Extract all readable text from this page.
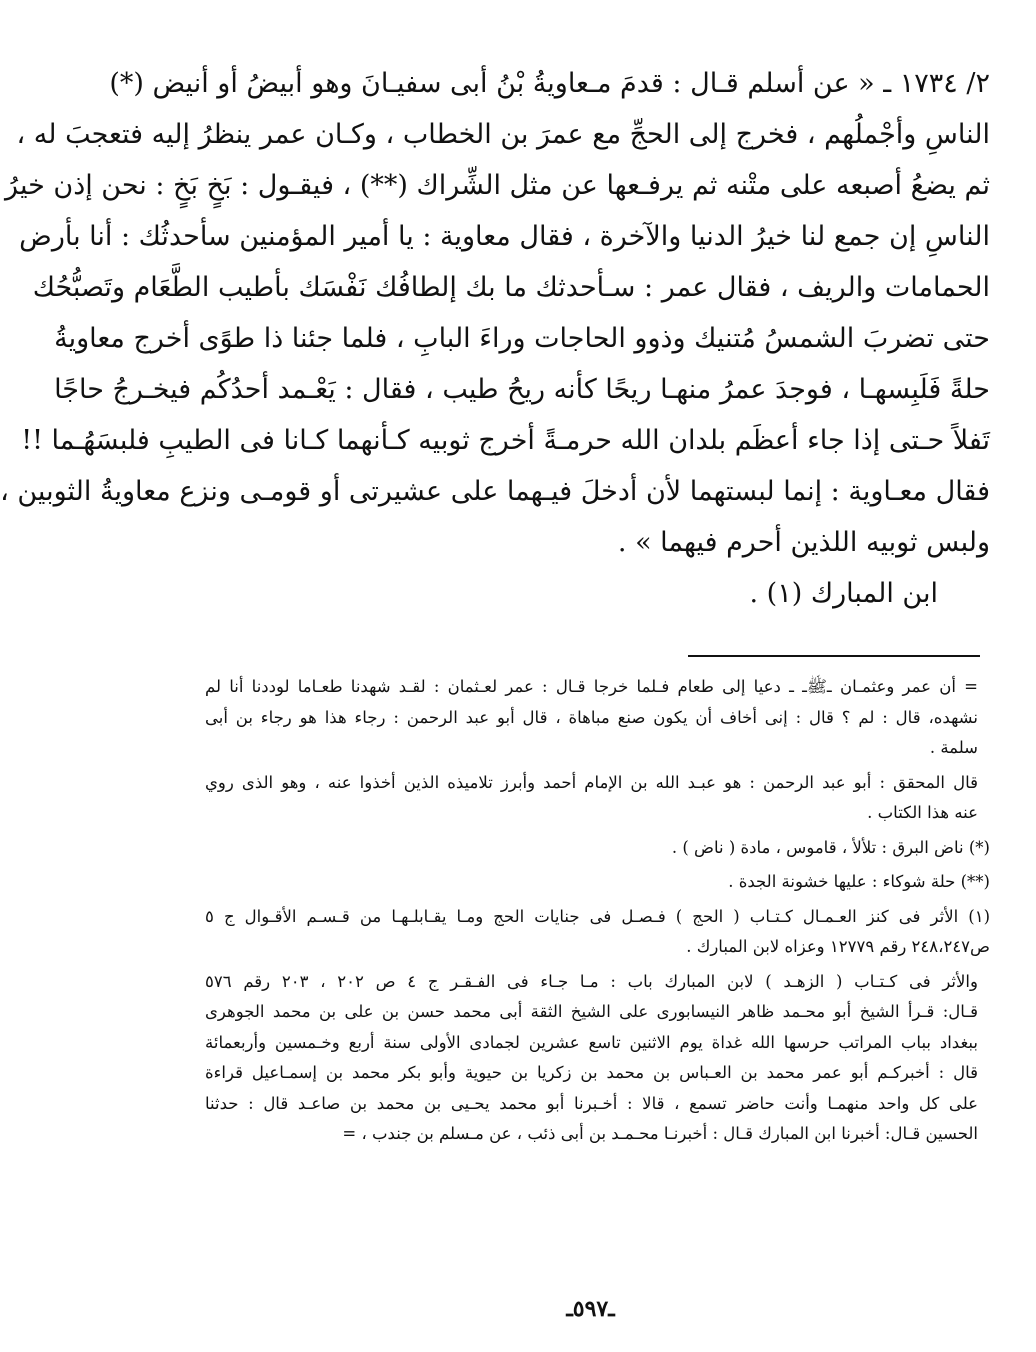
٢/ ١٧٣٤ ـ « عن أسلم قـال : قدمَ مـعاويةُ بْنُ أبى سفيـانَ وهو أبيضُ أو أنيض (*)
الناسِ وأجْملُهم ، فخرج إلى الحجِّ مع عمرَ بن الخطاب ، وكـان عمر ينظرُ إليه فتعجبَ له ،
ثم يضعُ أصبعه على متْنه ثم يرفـعها عن مثل الشِّراك (**) ، فيقـول : بَخٍ بَخٍ : نحن إذن خيرُ
الناسِ إن جمع لنا خيرُ الدنيا والآخرة ، فقال معاوية : يا أمير المؤمنين سأحدثُك : أنا بأرض
الحمامات والريف ، فقال عمر : سـأحدثك ما بك إلطافُك نَفْسَك بأطيب الطَّعَام وتَصبُّحُك
حتى تضربَ الشمسُ مُتنيك وذوو الحاجات وراءَ البابِ ، فلما جئنا ذا طوًى أخرج معاويةُ
حلةً فَلَبِسهـا ، فوجدَ عمرُ منهـا ريحًا كأنه ريحُ طيب ، فقال : يَعْـمد أحدُكُم فيخـرجُ حاجًا
تَفلاً حـتى إذا جاء أعظَم بلدان الله حرمـةً أخرج ثوبيه كـأنهما كـانا فى الطيبِ فلبسَهُـما !!
فقال معـاوية : إنما لبستهما لأن أدخلَ فيـهما على عشيرتى أو قومـى ونزع معاويةُ الثوبين ،
ولبس ثوبيه اللذين أحرم فيهما » .

ابن المبارك (١) .

= أن عمر وعثمـان ـﷺـ ـ دعيا إلى طعام فـلما خرجا قـال : عمر لعـثمان : لقـد شهدنا طعـاما لوددنا أنا لم
نشهده، قال : لم ؟ قال : إنى أخاف أن يكون صنع مباهاة ، قال أبو عبد الرحمن : رجاء هذا هو رجاء بن أبى
سلمة .
قال المحقق : أبو عبد الرحمن : هو عبـد الله بن الإمام أحمد وأبرز تلاميذه الذين أخذوا عنه ، وهو الذى روي
عنه هذا الكتاب .
(*) ناض البرق : تلألأ ، قاموس ، مادة ( ناض ) .
(**) حلة شوكاء : عليها خشونة الجدة .
(١) الأثر فى كنز العـمـال كـتـاب ( الحج ) فـصـل فى جنايات الحج ومـا يقـابلـهـا من قـسـم الأقـوال ج ٥
ص٢٤٨،٢٤٧ رقم ١٢٧٧٩ وعزاه لابن المبارك .
والأثر فى كـتـاب ( الزهـد ) لابن المبارك باب : مـا جـاء فى الفـقـر ج ٤ ص ٢٠٢ ، ٢٠٣ رقم ٥٧٦
قـال: قـرأ الشيخ أبو محـمد ظاهر النيسابورى على الشيخ الثقة أبى محمد حسن بن على بن محمد الجوهرى
ببغداد بباب المراتب حرسها الله غداة يوم الاثنين تاسع عشرين لجمادى الأولى سنة أربع وخـمسين وأربعمائة
قال : أخبركـم أبو عمر محمد بن العـباس بن محمد بن زكريا بن حيوية وأبو بكر محمد بن إسمـاعيل قراءة
على كل واحد منهمـا وأنت حاضر تسمع ، قالا : أخـبرنا أبو محمد يحـيى بن محمد بن صاعـد قال : حدثنا
الحسين قـال: أخبرنا ابن المبارك قـال : أخبرنـا محـمـد بن أبى ذئب ، عن مـسلم بن جندب ، =
ـ٥٩٧ـ
